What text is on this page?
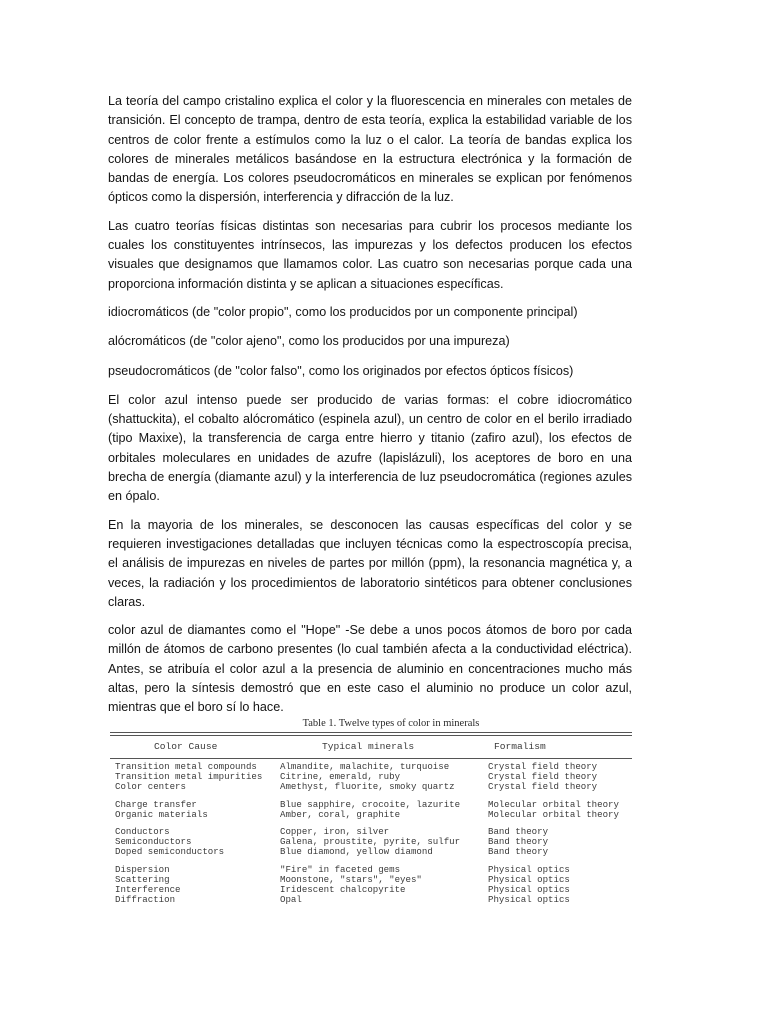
La teoría del campo cristalino explica el color y la fluorescencia en minerales con metales de transición. El concepto de trampa, dentro de esta teoría, explica la estabilidad variable de los centros de color frente a estímulos como la luz o el calor. La teoría de bandas explica los colores de minerales metálicos basándose en la estructura electrónica y la formación de bandas de energía. Los colores pseudocromáticos en minerales se explican por fenómenos ópticos como la dispersión, interferencia y difracción de la luz.

Las cuatro teorías físicas distintas son necesarias para cubrir los procesos mediante los cuales los constituyentes intrínsecos, las impurezas y los defectos producen los efectos visuales que designamos que llamamos color. Las cuatro son necesarias porque cada una proporciona información distinta y se aplican a situaciones específicas.

idiocromáticos (de "color propio", como los producidos por un componente principal)

alócromáticos (de "color ajeno", como los producidos por una impureza)

pseudocromáticos (de "color falso", como los originados por efectos ópticos físicos)

El color azul intenso puede ser producido de varias formas: el cobre idiocromático (shattuckita), el cobalto alócromático (espinela azul), un centro de color en el berilo irradiado (tipo Maxixe), la transferencia de carga entre hierro y titanio (zafiro azul), los efectos de orbitales moleculares en unidades de azufre (lapislázuli), los aceptores de boro en una brecha de energía (diamante azul) y la interferencia de luz pseudocromática (regiones azules en ópalo.

En la mayoria de los minerales, se desconocen las causas específicas del color y se requieren investigaciones detalladas que incluyen técnicas como la espectroscopía precisa, el análisis de impurezas en niveles de partes por millón (ppm), la resonancia magnética y, a veces, la radiación y los procedimientos de laboratorio sintéticos para obtener conclusiones claras.

color azul de diamantes como el "Hope" -Se debe a unos pocos átomos de boro por cada millón de átomos de carbono presentes (lo cual también afecta a la conductividad eléctrica). Antes, se atribuía el color azul a la presencia de aluminio en concentraciones mucho más altas, pero la síntesis demostró que en este caso el aluminio no produce un color azul, mientras que el boro sí lo hace.

Table 1. Twelve types of color in minerals
Color Cause	Typical minerals	Formalism
Transition metal compounds	Almandite, malachite, turquoise	Crystal field theory
Transition metal impurities	Citrine, emerald, ruby	Crystal field theory
Color centers	Amethyst, fluorite, smoky quartz	Crystal field theory
Charge transfer	Blue sapphire, crocoite, lazurite	Molecular orbital theory
Organic materials	Amber, coral, graphite	Molecular orbital theory
Conductors	Copper, iron, silver	Band theory
Semiconductors	Galena, proustite, pyrite, sulfur	Band theory
Doped semiconductors	Blue diamond, yellow diamond	Band theory
Dispersion	"Fire" in faceted gems	Physical optics
Scattering	Moonstone, "stars", "eyes"	Physical optics
Interference	Iridescent chalcopyrite	Physical optics
Diffraction	Opal	Physical optics
